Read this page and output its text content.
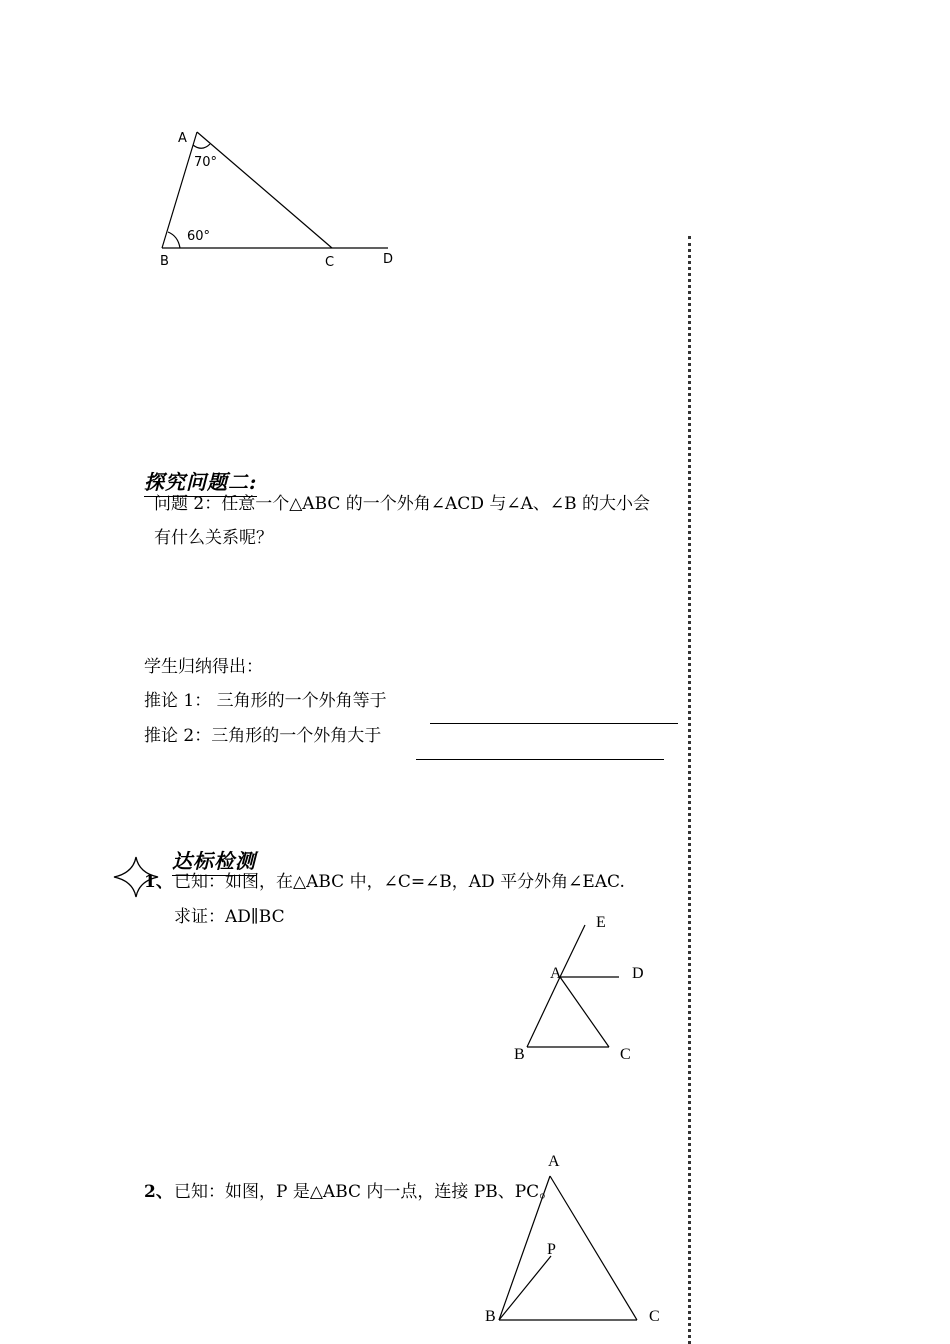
A
70°
60°
B	C	D
探究问题二:
问题 2：任意一个△ABC 的一个外角∠ACD 与∠A、∠B 的大小会
有什么关系呢？
学生归纳得出：
推论 1： 三角形的一个外角等于
推论 2：三角形的一个外角大于
达标检测
1、 已知：如图，在△ABC 中，∠C=∠B，AD 平分外角∠EAC.
求证：AD∥BC	E
A	D
B	C
2、 已知：如图，P 是△ABC 内一点，连接 PB、PC。
A
P
B	C
